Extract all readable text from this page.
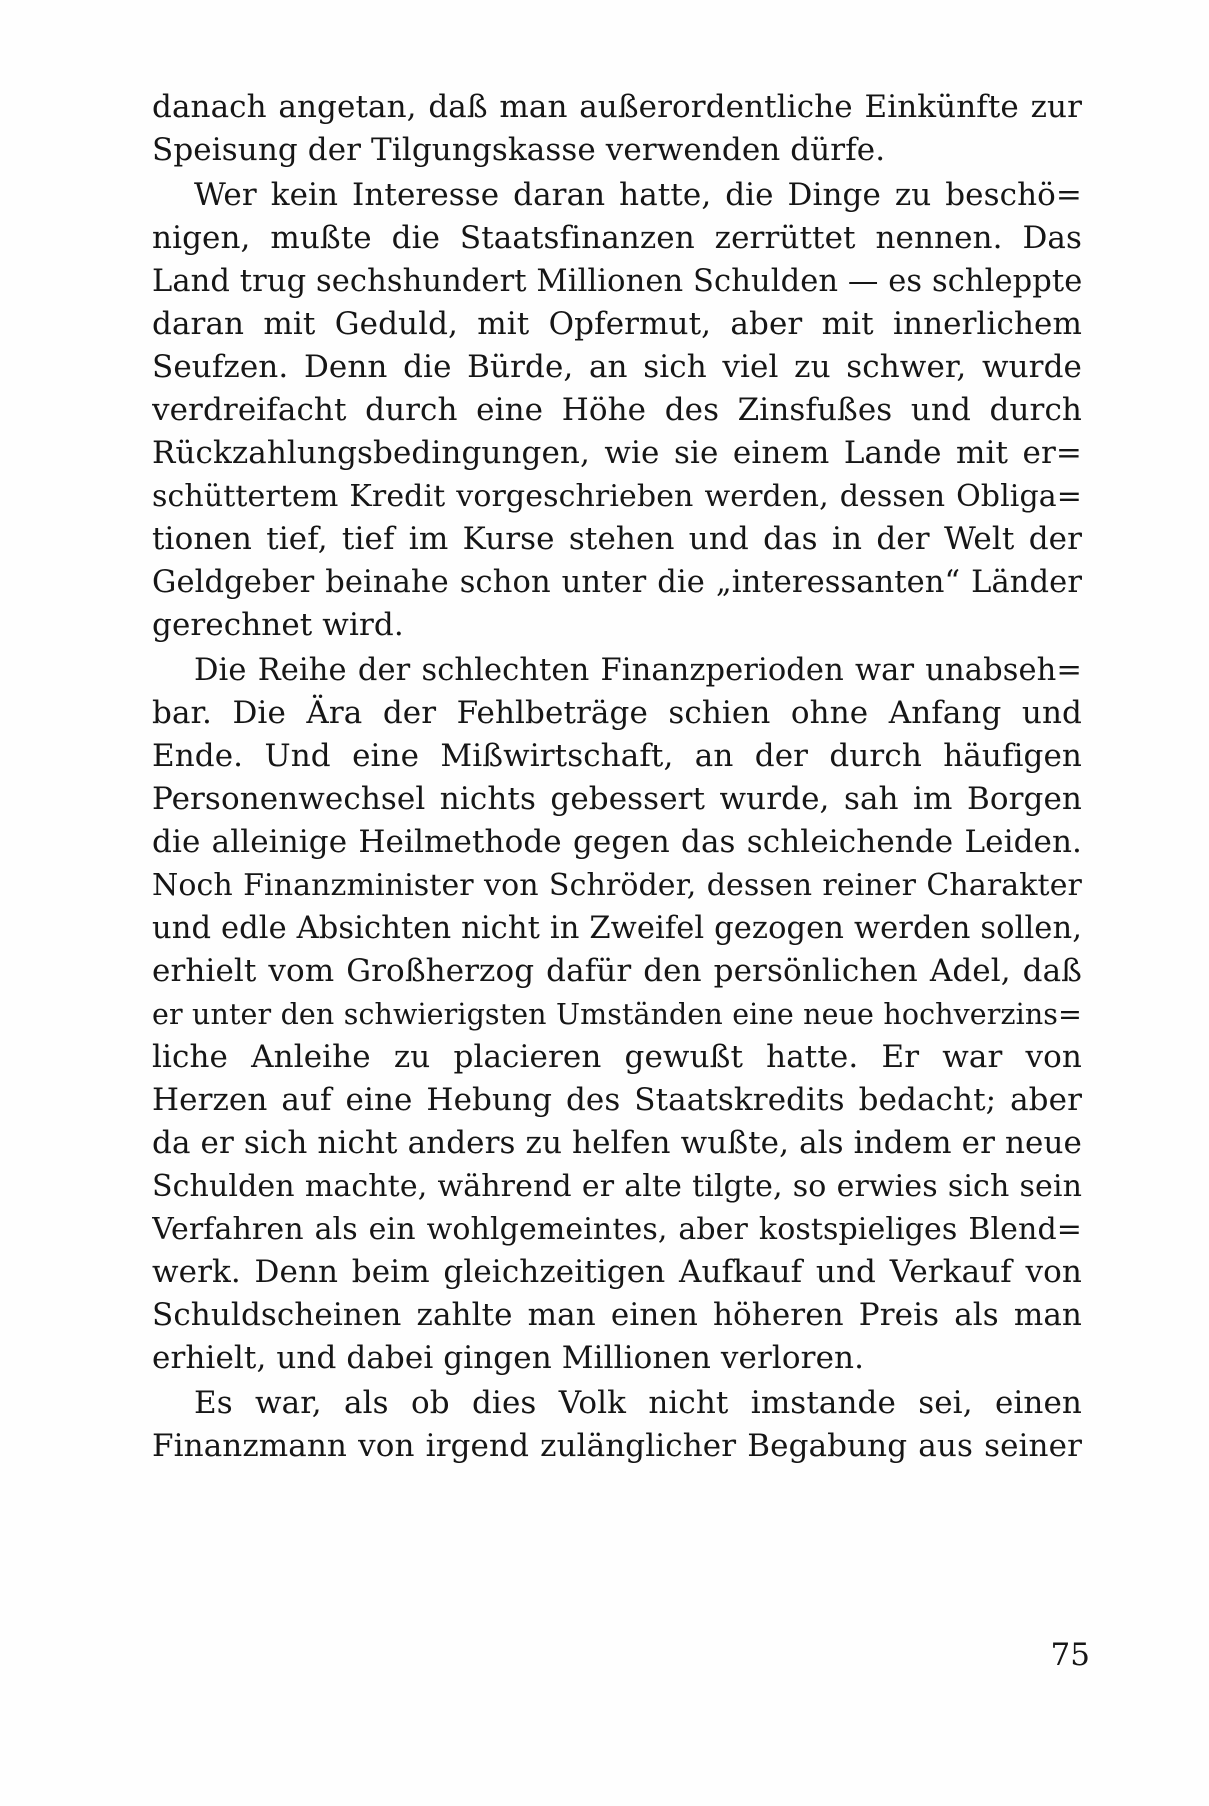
danach angetan, daß man außerordentliche Einkünfte zur
Speisung der Tilgungskasse verwenden dürfe.
Wer kein Interesse daran hatte, die Dinge zu beschö=
nigen, mußte die Staatsfinanzen zerrüttet nennen. Das
Land trug sechshundert Millionen Schulden — es schleppte
daran mit Geduld, mit Opfermut, aber mit innerlichem
Seufzen. Denn die Bürde, an sich viel zu schwer, wurde
verdreifacht durch eine Höhe des Zinsfußes und durch
Rückzahlungsbedingungen, wie sie einem Lande mit er=
schüttertem Kredit vorgeschrieben werden, dessen Obliga=
tionen tief, tief im Kurse stehen und das in der Welt der
Geldgeber beinahe schon unter die „interessanten“ Länder
gerechnet wird.
Die Reihe der schlechten Finanzperioden war unabseh=
bar. Die Ära der Fehlbeträge schien ohne Anfang und
Ende. Und eine Mißwirtschaft, an der durch häufigen
Personenwechsel nichts gebessert wurde, sah im Borgen
die alleinige Heilmethode gegen das schleichende Leiden.
Noch Finanzminister von Schröder, dessen reiner Charakter
und edle Absichten nicht in Zweifel gezogen werden sollen,
erhielt vom Großherzog dafür den persönlichen Adel, daß
er unter den schwierigsten Umständen eine neue hochverzins=
liche Anleihe zu placieren gewußt hatte. Er war von
Herzen auf eine Hebung des Staatskredits bedacht; aber
da er sich nicht anders zu helfen wußte, als indem er neue
Schulden machte, während er alte tilgte, so erwies sich sein
Verfahren als ein wohlgemeintes, aber kostspieliges Blend=
werk. Denn beim gleichzeitigen Aufkauf und Verkauf von
Schuldscheinen zahlte man einen höheren Preis als man
erhielt, und dabei gingen Millionen verloren.
Es war, als ob dies Volk nicht imstande sei, einen
Finanzmann von irgend zulänglicher Begabung aus seiner
75
